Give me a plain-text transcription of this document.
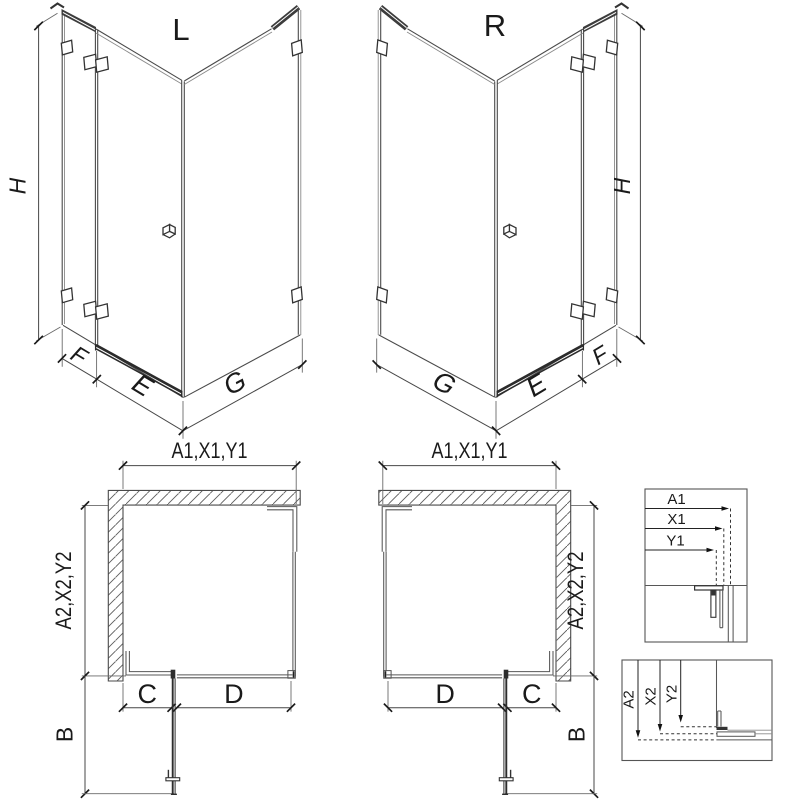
L
H
F
E G
R
H
F
E
G
A1,X1,Y1
A2,X2,Y2
B
C D
A1,X1,Y1
A2,X2,Y2
B
D C
A1
X1
Y1
A2 X2 Y2
